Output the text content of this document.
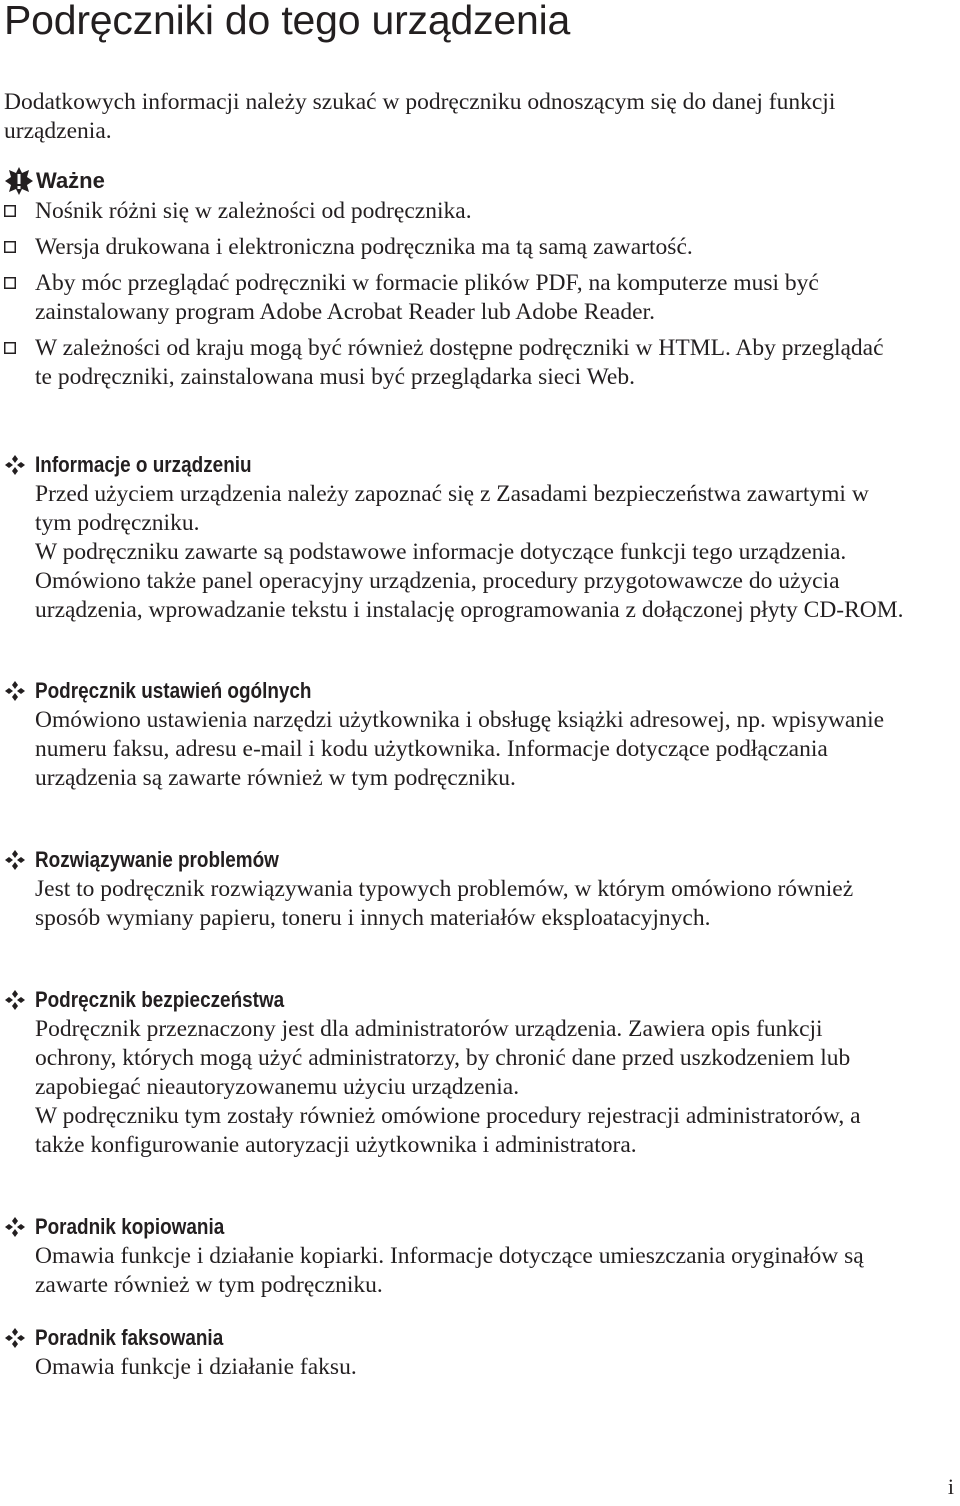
Podręczniki do tego urządzenia

Dodatkowych informacji należy szukać w podręczniku odnoszącym się do danej funkcji urządzenia.

Ważne
Nośnik różni się w zależności od podręcznika.
Wersja drukowana i elektroniczna podręcznika ma tą samą zawartość.
Aby móc przeglądać podręczniki w formacie plików PDF, na komputerze musi być zainstalowany program Adobe Acrobat Reader lub Adobe Reader.
W zależności od kraju mogą być również dostępne podręczniki w HTML. Aby przeglądać te podręczniki, zainstalowana musi być przeglądarka sieci Web.
Informacje o urządzeniu

Przed użyciem urządzenia należy zapoznać się z Zasadami bezpieczeństwa zawartymi w tym podręczniku.

W podręczniku zawarte są podstawowe informacje dotyczące funkcji tego urządzenia. Omówiono także panel operacyjny urządzenia, procedury przygotowawcze do użycia urządzenia, wprowadzanie tekstu i instalację oprogramowania z dołączonej płyty CD-ROM.

Podręcznik ustawień ogólnych

Omówiono ustawienia narzędzi użytkownika i obsługę książki adresowej, np. wpisywanie numeru faksu, adresu e-mail i kodu użytkownika. Informacje dotyczące podłączania urządzenia są zawarte również w tym podręczniku.

Rozwiązywanie problemów

Jest to podręcznik rozwiązywania typowych problemów, w którym omówiono również sposób wymiany papieru, toneru i innych materiałów eksploatacyjnych.

Podręcznik bezpieczeństwa

Podręcznik przeznaczony jest dla administratorów urządzenia. Zawiera opis funkcji ochrony, których mogą użyć administratorzy, by chronić dane przed uszkodzeniem lub zapobiegać nieautoryzowanemu użyciu urządzenia.

W podręczniku tym zostały również omówione procedury rejestracji administratorów, a także konfigurowanie autoryzacji użytkownika i administratora.

Poradnik kopiowania

Omawia funkcje i działanie kopiarki. Informacje dotyczące umieszczania oryginałów są zawarte również w tym podręczniku.

Poradnik faksowania

Omawia funkcje i działanie faksu.

i
